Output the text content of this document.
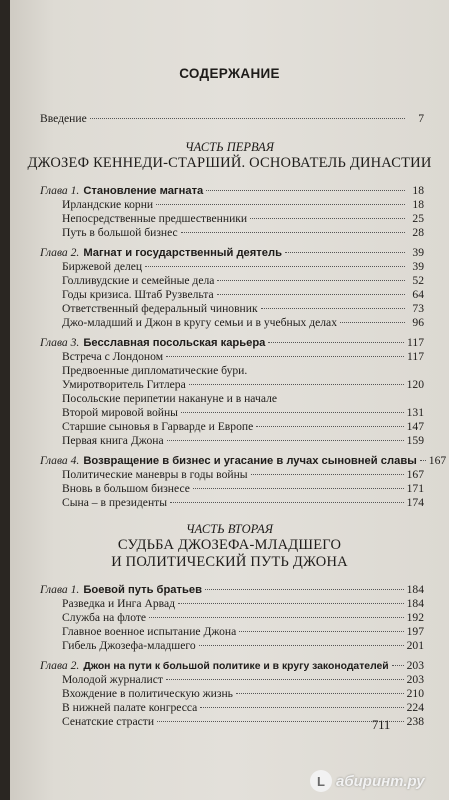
СОДЕРЖАНИЕ
Введение	7
ЧАСТЬ ПЕРВАЯ
ДЖОЗЕФ КЕННЕДИ-СТАРШИЙ. ОСНОВАТЕЛЬ ДИНАСТИИ
Глава 1. Становление магната	18
Ирландские корни	18
Непосредственные предшественники	25
Путь в большой бизнес	28
Глава 2. Магнат и государственный деятель	39
Биржевой делец	39
Голливудские и семейные дела	52
Годы кризиса. Штаб Рузвельта	64
Ответственный федеральный чиновник	73
Джо-младший и Джон в кругу семьи и в учебных делах	96
Глава 3. Бесславная посольская карьера	117
Встреча с Лондоном	117
Предвоенные дипломатические бури.
Умиротворитель Гитлера	120
Посольские перипетии накануне и в начале
Второй мировой войны	131
Старшие сыновья в Гарварде и Европе	147
Первая книга Джона	159
Глава 4. Возвращение в бизнес и угасание в лучах сыновней славы 167
Политические маневры в годы войны	167
Вновь в большом бизнесе	171
Сына – в президенты	174
ЧАСТЬ ВТОРАЯ
СУДЬБА ДЖОЗЕФА-МЛАДШЕГО
И ПОЛИТИЧЕСКИЙ ПУТЬ ДЖОНА
Глава 1. Боевой путь братьев	184
Разведка и Инга Арвад	184
Служба на флоте	192
Главное военное испытание Джона	197
Гибель Джозефа-младшего	201
Глава 2. Джон на пути к большой политике и в кругу законодателей 203
Молодой журналист	203
Вхождение в политическую жизнь	210
В нижней палате конгресса	224
Сенатские страсти	238
711
L абиринт.ру
